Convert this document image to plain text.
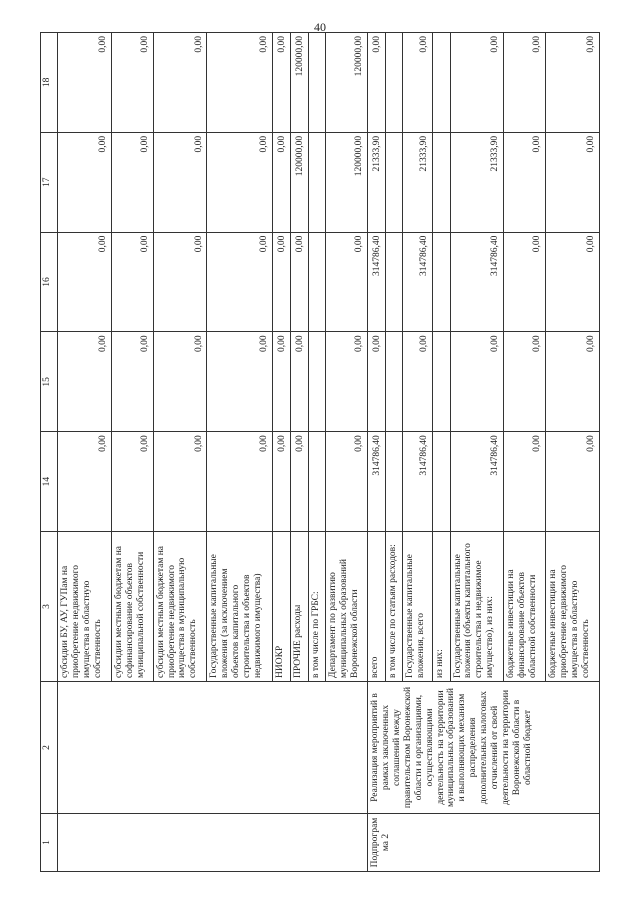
40
1	2	3	14	15	16	17	18
		субсидии БУ, АУ, ГУПам на приобретение недвижимого имущества в областную собственность	0,00	0,00	0,00	0,00	0,00
		субсидии местным бюджетам на софинансирование объектов муниципальной собственности	0,00	0,00	0,00	0,00	0,00
		субсидии местным бюджетам на приобретение недвижимого имущества в муниципальную собственность	0,00	0,00	0,00	0,00	0,00
		Государственные капитальные вложения (за исключением объектов капитального строительства и объектов недвижимого имущества)	0,00	0,00	0,00	0,00	0,00
		НИОКР	0,00	0,00	0,00	0,00	0,00
		ПРОЧИЕ расходы	0,00	0,00	0,00	120000,00	120000,00
		в том числе по ГРБС:					
		Департамент по развитию муниципальных образований Воронежской области	0,00	0,00	0,00	120000,00	120000,00
Подпрограмма 2	Реализация мероприятий в рамках заключенных соглашений между правительством Воронежской области и организациями, осуществляющими деятельность на территории муниципальных образований и выполняющих механизм распределения дополнительных налоговых отчислений от своей деятельности на территории Воронежской области в областной бюджет	всего	314786,40	0,00	314786,40	21333,90	0,00
		в том числе по статьям расходов:					
		Государственные капитальные вложения, всего	314786,40	0,00	314786,40	21333,90	0,00
		из них:					
		Государственные капитальные вложения (объекты капитального строительства и недвижимое имущество), из них:	314786,40	0,00	314786,40	21333,90	0,00
		бюджетные инвестиции на финансирование объектов областной собственности	0,00	0,00	0,00	0,00	0,00
		бюджетные инвестиции на приобретение недвижимого имущества в областную собственность	0,00	0,00	0,00	0,00	0,00
